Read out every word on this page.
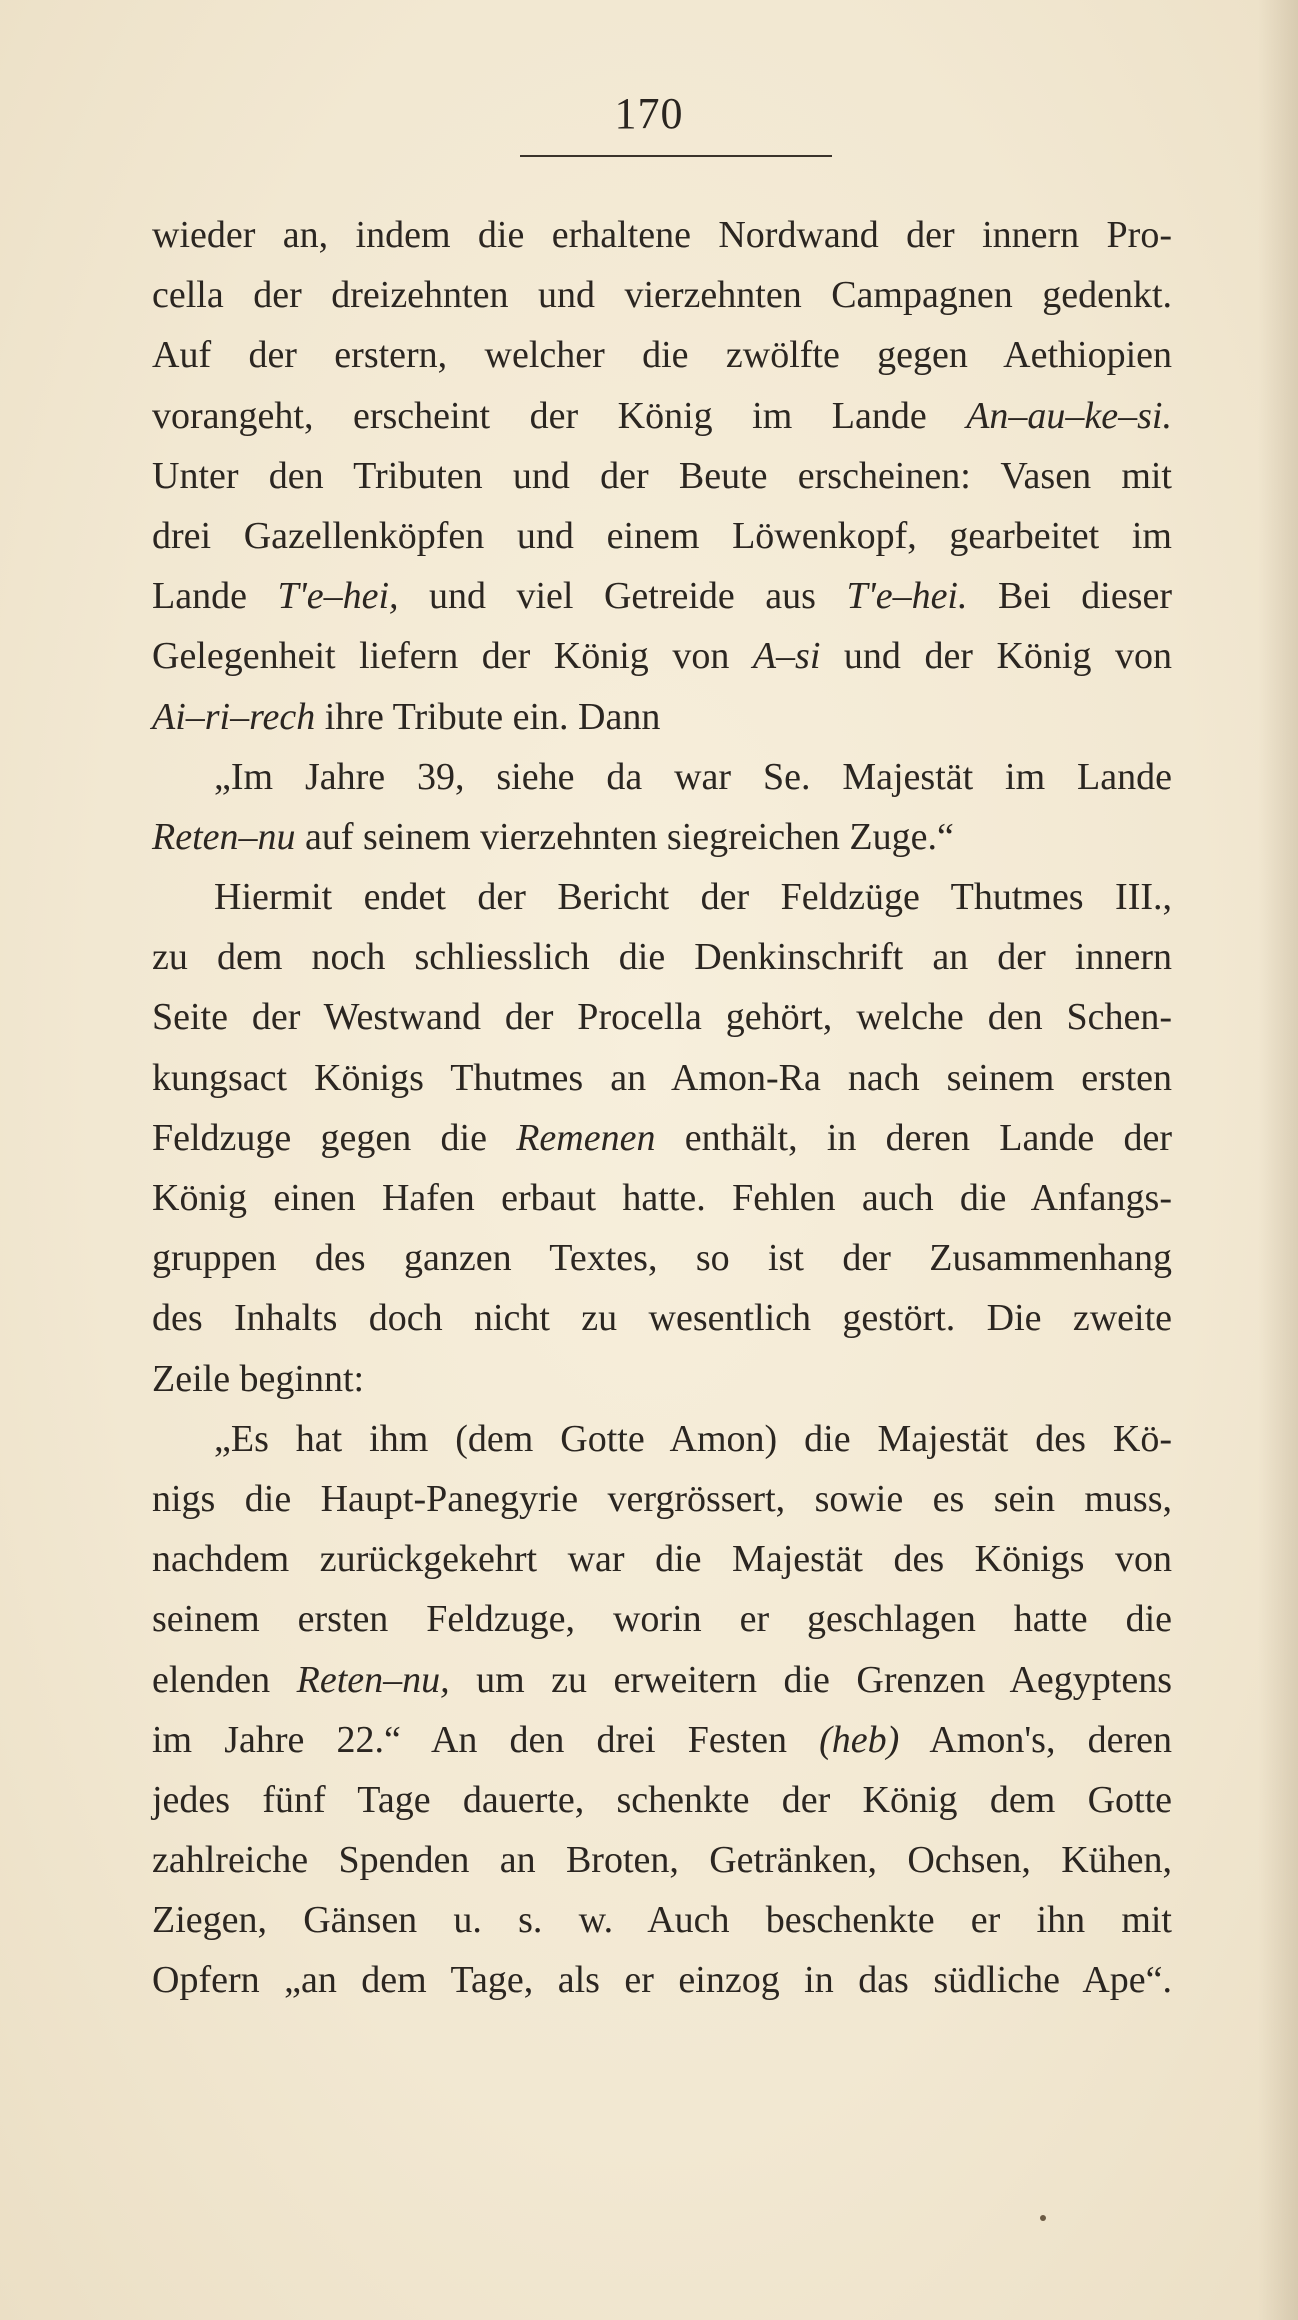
170
wieder an, indem die erhaltene Nordwand der innern Pro-
cella der dreizehnten und vierzehnten Campagnen gedenkt.
Auf der erstern, welcher die zwölfte gegen Aethiopien
vorangeht, erscheint der König im Lande An–au–ke–si.
Unter den Tributen und der Beute erscheinen: Vasen mit
drei Gazellenköpfen und einem Löwenkopf, gearbeitet im
Lande T'e–hei, und viel Getreide aus T'e–hei. Bei dieser
Gelegenheit liefern der König von A–si und der König von
Ai–ri–rech ihre Tribute ein. Dann
„Im Jahre 39, siehe da war Se. Majestät im Lande
Reten–nu auf seinem vierzehnten siegreichen Zuge.“
Hiermit endet der Bericht der Feldzüge Thutmes III.,
zu dem noch schliesslich die Denkinschrift an der innern
Seite der Westwand der Procella gehört, welche den Schen-
kungsact Königs Thutmes an Amon-Ra nach seinem ersten
Feldzuge gegen die Remenen enthält, in deren Lande der
König einen Hafen erbaut hatte. Fehlen auch die Anfangs-
gruppen des ganzen Textes, so ist der Zusammenhang
des Inhalts doch nicht zu wesentlich gestört. Die zweite
Zeile beginnt:
„Es hat ihm (dem Gotte Amon) die Majestät des Kö-
nigs die Haupt-Panegyrie vergrössert, sowie es sein muss,
nachdem zurückgekehrt war die Majestät des Königs von
seinem ersten Feldzuge, worin er geschlagen hatte die
elenden Reten–nu, um zu erweitern die Grenzen Aegyptens
im Jahre 22.“ An den drei Festen (heb) Amon's, deren
jedes fünf Tage dauerte, schenkte der König dem Gotte
zahlreiche Spenden an Broten, Getränken, Ochsen, Kühen,
Ziegen, Gänsen u. s. w. Auch beschenkte er ihn mit
Opfern „an dem Tage, als er einzog in das südliche Ape“.
